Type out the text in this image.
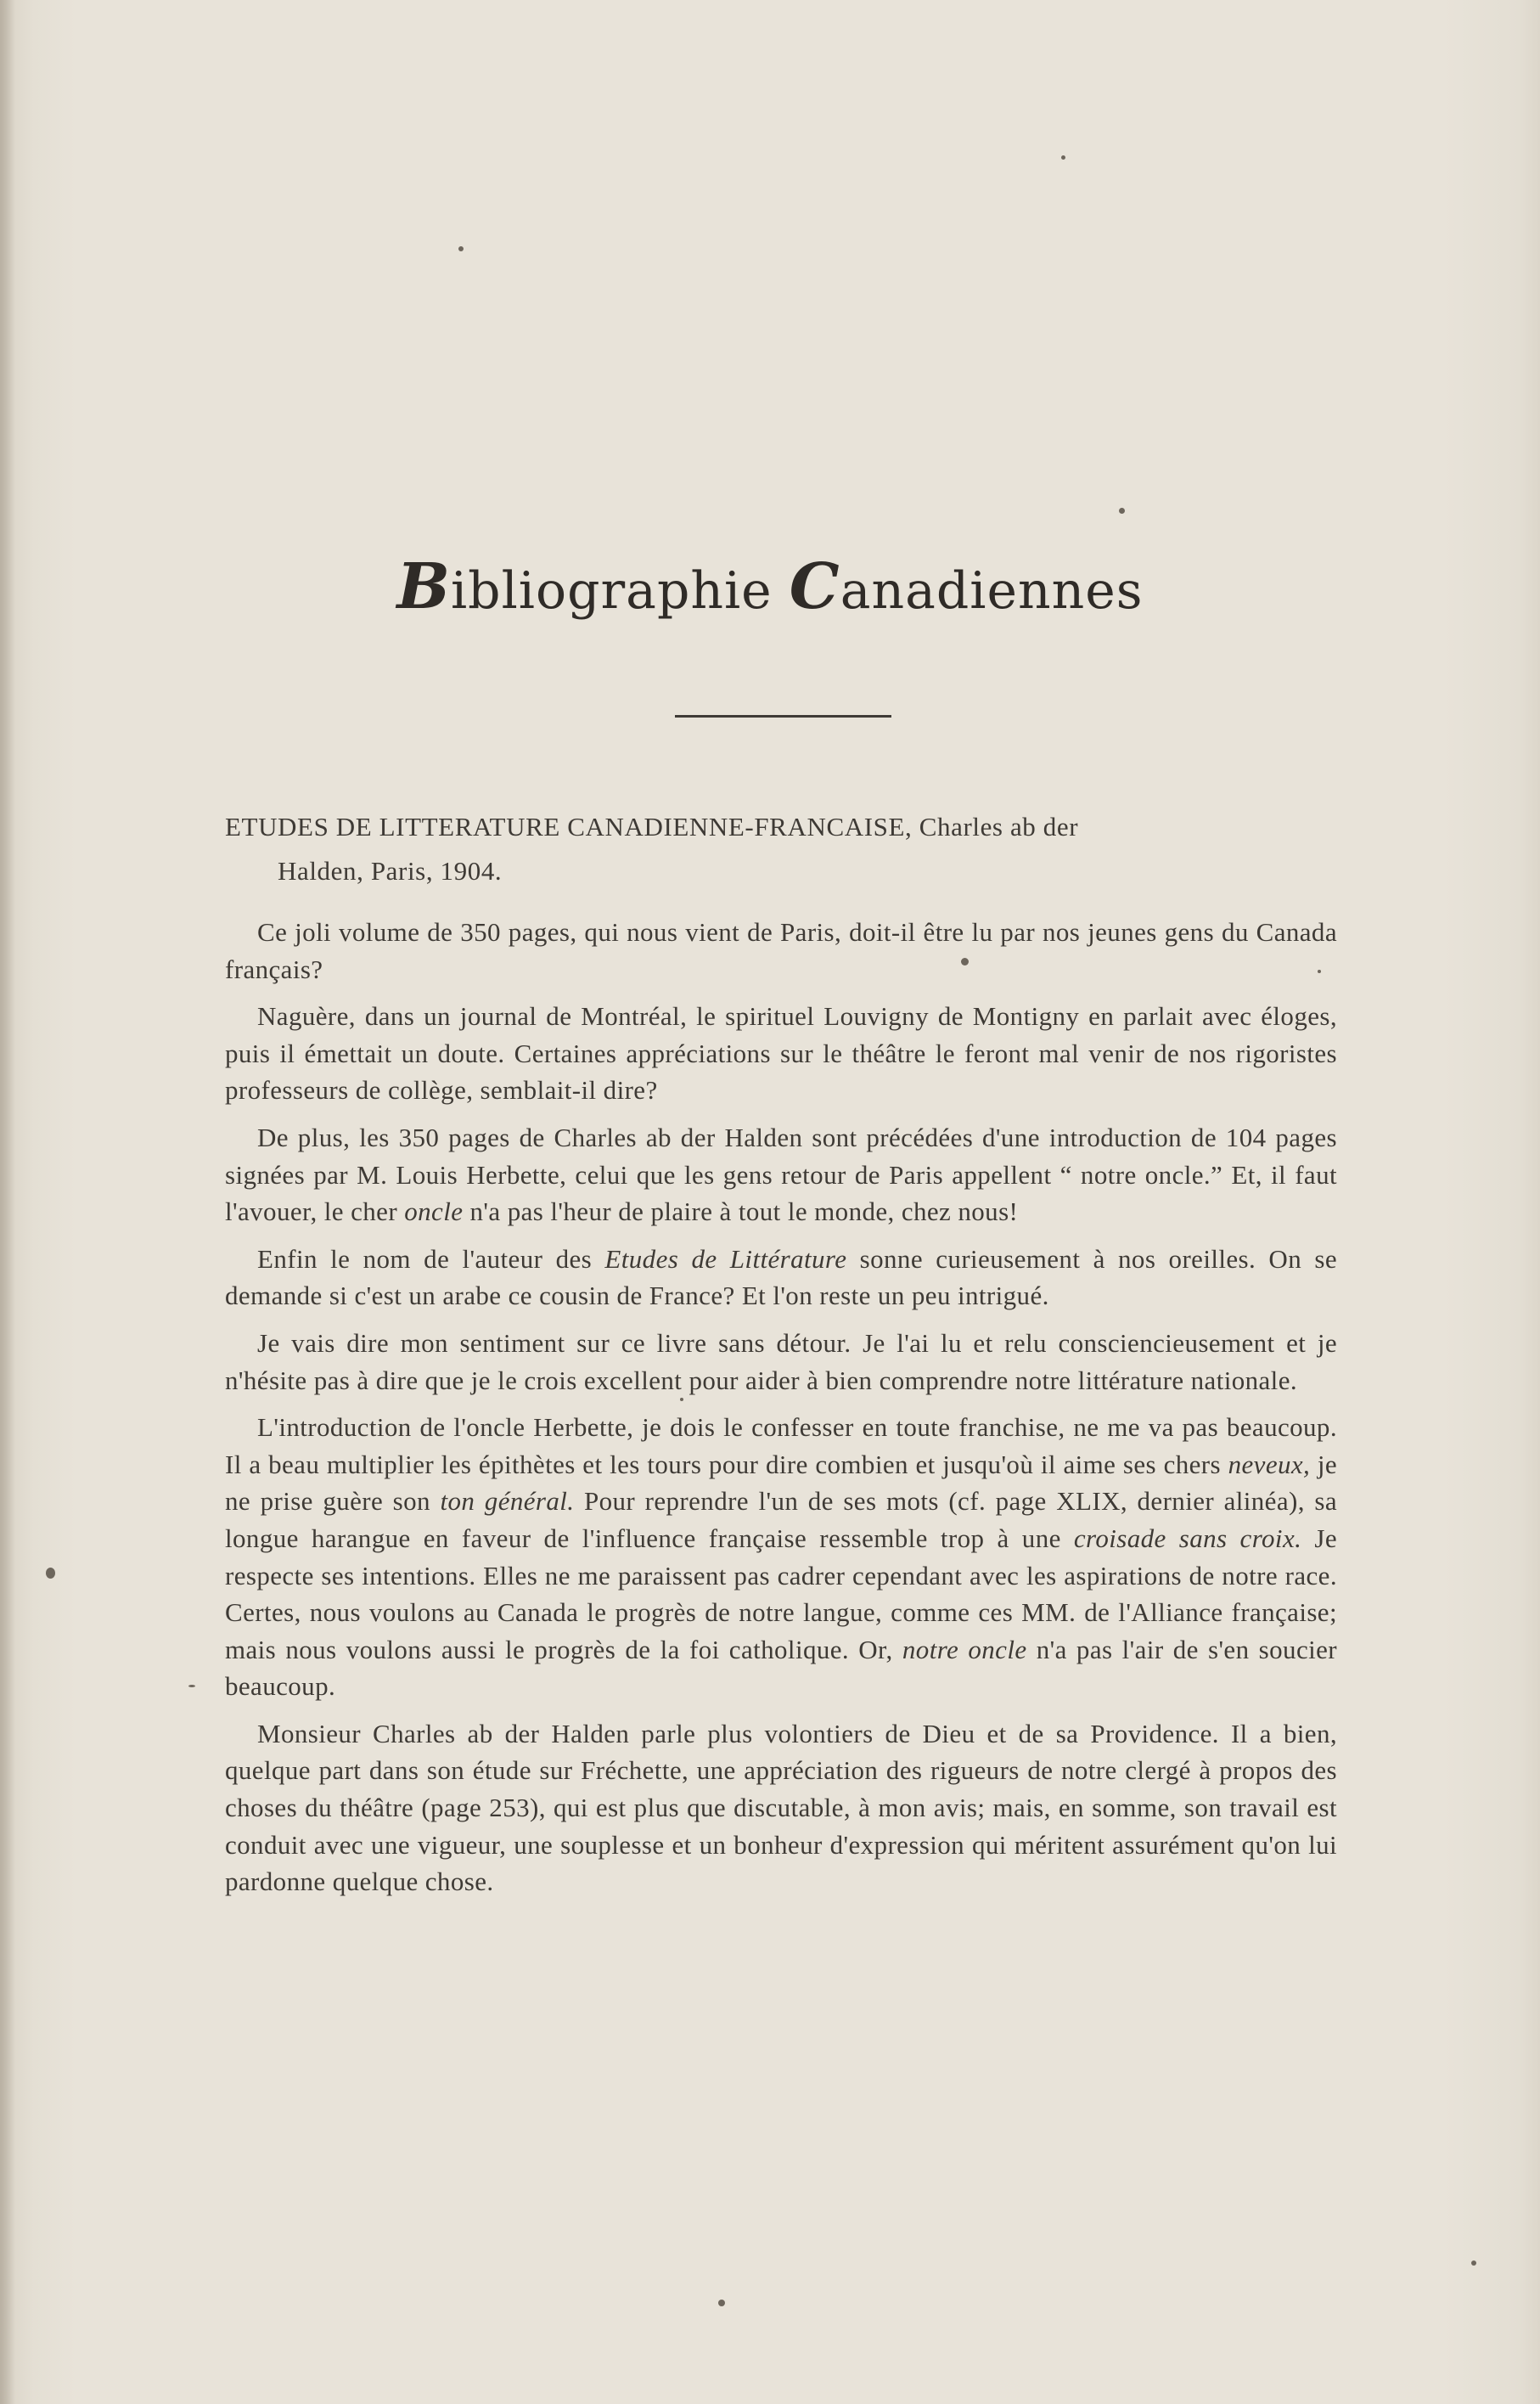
Bibliographie Canadiennes
ETUDES DE LITTERATURE CANADIENNE-FRANCAISE, Charles ab der
Halden, Paris, 1904.

Ce joli volume de 350 pages, qui nous vient de Paris, doit-il être lu par nos jeunes gens du Canada français?

Naguère, dans un journal de Montréal, le spirituel Louvigny de Montigny en parlait avec éloges, puis il émettait un doute. Certaines appréciations sur le théâtre le feront mal venir de nos rigoristes professeurs de collège, semblait-il dire?

De plus, les 350 pages de Charles ab der Halden sont précédées d'une introduction de 104 pages signées par M. Louis Herbette, celui que les gens retour de Paris appellent “ notre oncle.” Et, il faut l'avouer, le cher oncle n'a pas l'heur de plaire à tout le monde, chez nous!

Enfin le nom de l'auteur des Etudes de Littérature sonne curieusement à nos oreilles. On se demande si c'est un arabe ce cousin de France? Et l'on reste un peu intrigué.

Je vais dire mon sentiment sur ce livre sans détour. Je l'ai lu et relu consciencieusement et je n'hésite pas à dire que je le crois excellent pour aider à bien comprendre notre littérature nationale.

L'introduction de l'oncle Herbette, je dois le confesser en toute franchise, ne me va pas beaucoup. Il a beau multiplier les épithètes et les tours pour dire combien et jusqu'où il aime ses chers neveux, je ne prise guère son ton général. Pour reprendre l'un de ses mots (cf. page XLIX, dernier alinéa), sa longue harangue en faveur de l'influence française ressemble trop à une croisade sans croix. Je respecte ses intentions. Elles ne me paraissent pas cadrer cependant avec les aspirations de notre race. Certes, nous voulons au Canada le progrès de notre langue, comme ces MM. de l'Alliance française; mais nous voulons aussi le progrès de la foi catholique. Or, notre oncle n'a pas l'air de s'en soucier beaucoup.

Monsieur Charles ab der Halden parle plus volontiers de Dieu et de sa Providence. Il a bien, quelque part dans son étude sur Fréchette, une appréciation des rigueurs de notre clergé à propos des choses du théâtre (page 253), qui est plus que discutable, à mon avis; mais, en somme, son travail est conduit avec une vigueur, une souplesse et un bonheur d'expression qui méritent assurément qu'on lui pardonne quelque chose.
